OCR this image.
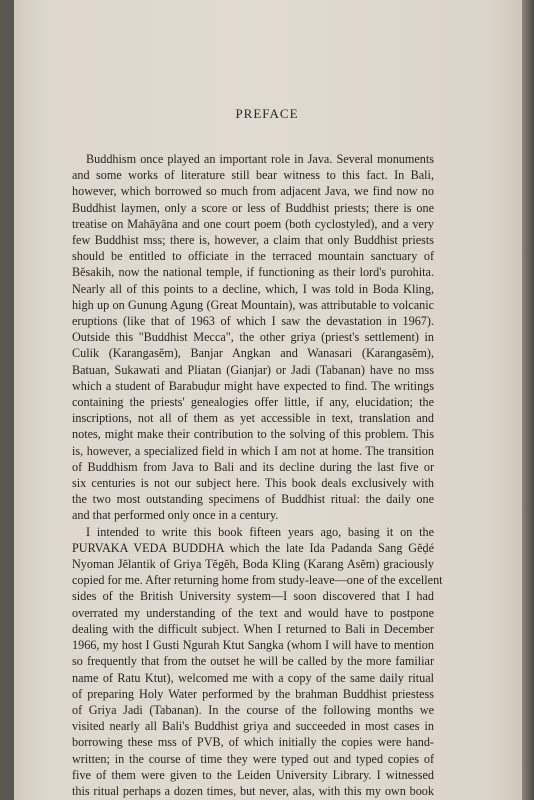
PREFACE
Buddhism once played an important role in Java. Several monuments
and some works of literature still bear witness to this fact. In Bali,
however, which borrowed so much from adjacent Java, we find now no
Buddhist laymen, only a score or less of Buddhist priests; there is one
treatise on Mahāyāna and one court poem (both cyclostyled), and a very
few Buddhist mss; there is, however, a claim that only Buddhist priests
should be entitled to officiate in the terraced mountain sanctuary of
Bĕsakih, now the national temple, if functioning as their lord's purohita.
Nearly all of this points to a decline, which, I was told in Boda Kling,
high up on Gunung Agung (Great Mountain), was attributable to volcanic
eruptions (like that of 1963 of which I saw the devastation in 1967).
Outside this "Buddhist Mecca", the other griya (priest's settlement) in
Culik (Karangasĕm), Banjar Angkan and Wanasari (Karangasĕm),
Batuan, Sukawati and Pliatan (Gianjar) or Jadi (Tabanan) have no mss
which a student of Barabuḍur might have expected to find. The writings
containing the priests' genealogies offer little, if any, elucidation; the
inscriptions, not all of them as yet accessible in text, translation and
notes, might make their contribution to the solving of this problem. This
is, however, a specialized field in which I am not at home. The transition
of Buddhism from Java to Bali and its decline during the last five or
six centuries is not our subject here. This book deals exclusively with
the two most outstanding specimens of Buddhist ritual: the daily one
and that performed only once in a century.
I intended to write this book fifteen years ago, basing it on the
PURVAKA VEDA BUDDHA which the late Ida Padanda Sang Gĕḍé
Nyoman Jĕlantik of Griya Tĕgĕh, Boda Kling (Karang Asĕm) graciously
copied for me. After returning home from study-leave—one of the excellent
sides of the British University system—I soon discovered that I had
overrated my understanding of the text and would have to postpone
dealing with the difficult subject. When I returned to Bali in December
1966, my host I Gusti Ngurah Ktut Sangka (whom I will have to mention
so frequently that from the outset he will be called by the more familiar
name of Ratu Ktut), welcomed me with a copy of the same daily ritual
of preparing Holy Water performed by the brahman Buddhist priestess
of Griya Jadi (Tabanan). In the course of the following months we
visited nearly all Bali's Buddhist griya and succeeded in most cases in
borrowing these mss of PVB, of which initially the copies were hand-
written; in the course of time they were typed out and typed copies of
five of them were given to the Leiden University Library. I witnessed
this ritual perhaps a dozen times, but never, alas, with this my own book
